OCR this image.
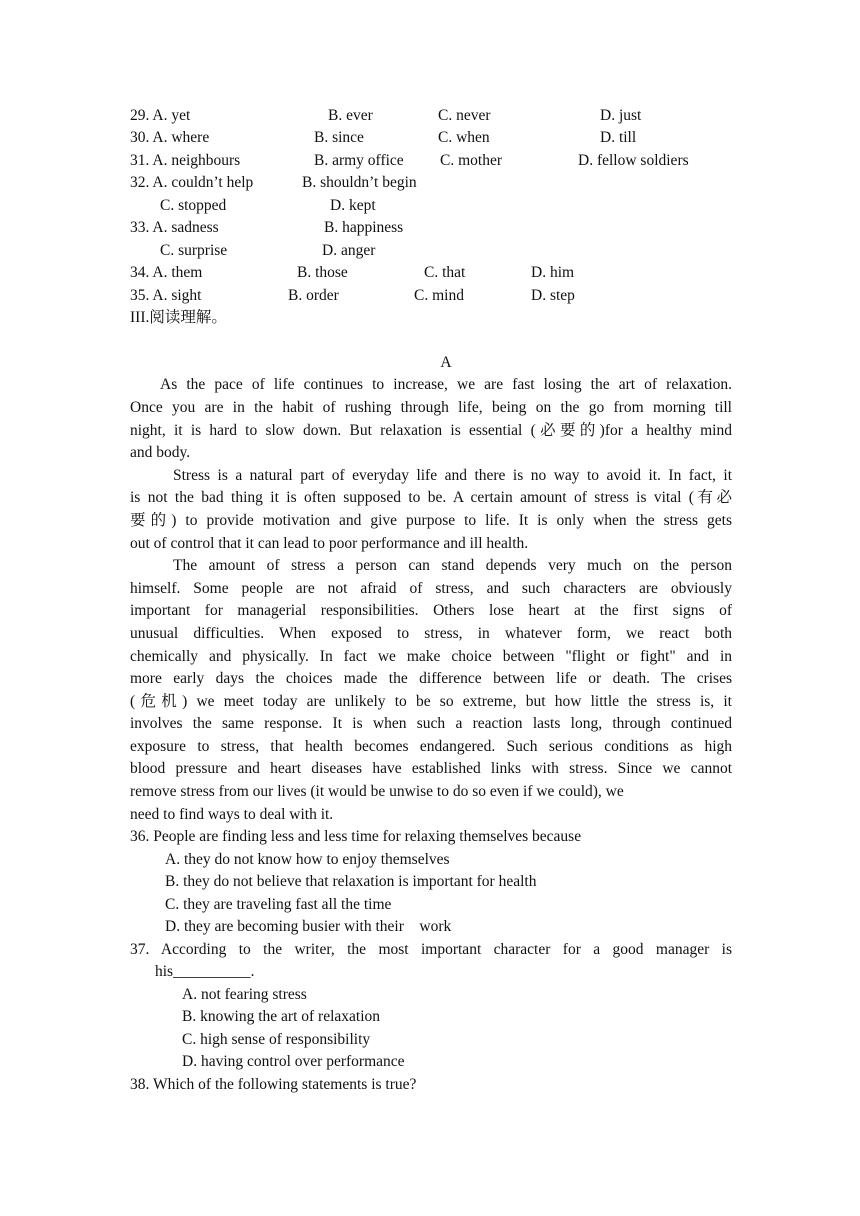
29. A. yet	B. ever	C. never	D. just
30. A. where	B. since	C. when	D. till
31. A. neighbours	B. army office C. mother	D. fellow soldiers
32. A. couldn’t help	B. shouldn’t begin
C. stopped	D. kept
33. A. sadness	B. happiness
C. surprise	D. anger
34. A. them	B. those	C. that	D. him
35. A. sight	B. order	C. mind	D. step
III.阅读理解。
A
As the pace of life continues to increase, we are fast losing the art of relaxation.
Once you are in the habit of rushing through life, being on the go from morning till
night, it is hard to slow down. But relaxation is essential (必要的)for a healthy mind
and body.
Stress is a natural part of everyday life and there is no way to avoid it. In fact, it
is not the bad thing it is often supposed to be. A certain amount of stress is vital (有必
要的) to provide motivation and give purpose to life. It is only when the stress gets
out of control that it can lead to poor performance and ill health.
The amount of stress a person can stand depends very much on the person
himself. Some people are not afraid of stress, and such characters are obviously
important for managerial responsibilities. Others lose heart at the first signs of
unusual difficulties. When exposed to stress, in whatever form, we react both
chemically and physically. In fact we make choice between "flight or fight" and in
more early days the choices made the difference between life or death. The crises
(危机) we meet today are unlikely to be so extreme, but how little the stress is, it
involves the same response. It is when such a reaction lasts long, through continued
exposure to stress, that health becomes endangered. Such serious conditions as high
blood pressure and heart diseases have established links with stress. Since we cannot
remove stress from our lives (it would be unwise to do so even if we could), we
need to find ways to deal with it.
36. People are finding less and less time for relaxing themselves because
A. they do not know how to enjoy themselves
B. they do not believe that relaxation is important for health
C. they are traveling fast all the time
D. they are becoming busier with their    work
37. According to the writer, the most important character for a good manager is
his__________.
A. not fearing stress
B. knowing the art of relaxation
C. high sense of responsibility
D. having control over performance
38. Which of the following statements is true?
